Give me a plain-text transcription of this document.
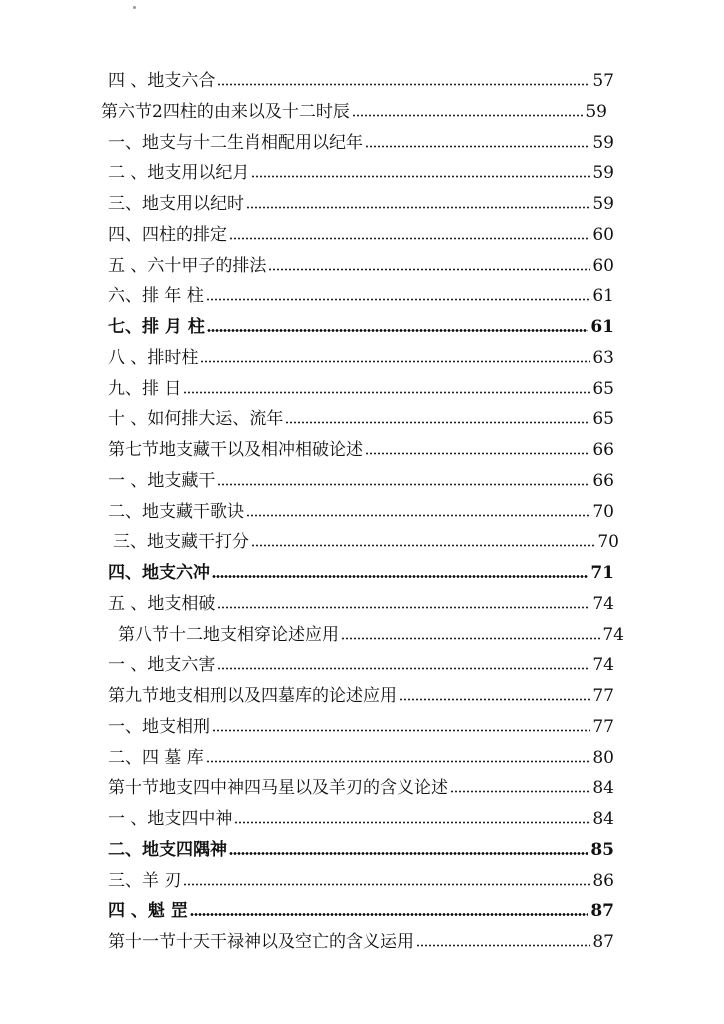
四 、地支六合	57
第六节2四柱的由来以及十二时辰	59
一、地支与十二生肖相配用以纪年	59
二 、地支用以纪月	59
三、地支用以纪时	59
四、四柱的排定	60
五 、六十甲子的排法	60
六、排 年 柱	61
七、排 月 柱	61
八 、排时柱	63
九、排 日	65
十 、如何排大运、流年	65
第七节地支藏干以及相冲相破论述	66
一 、地支藏干	66
二、地支藏干歌诀	70
三、地支藏干打分	70
四、地支六冲	71
五 、地支相破	74
第八节十二地支相穿论述应用	74
一 、地支六害	74
第九节地支相刑以及四墓库的论述应用	77
一、地支相刑	77
二、四 墓 库	80
第十节地支四中神四马星以及羊刃的含义论述	84
一 、地支四中神	84
二、地支四隅神	85
三、羊 刃	86
四 、魁 罡	87
第十一节十天干禄神以及空亡的含义运用	87
